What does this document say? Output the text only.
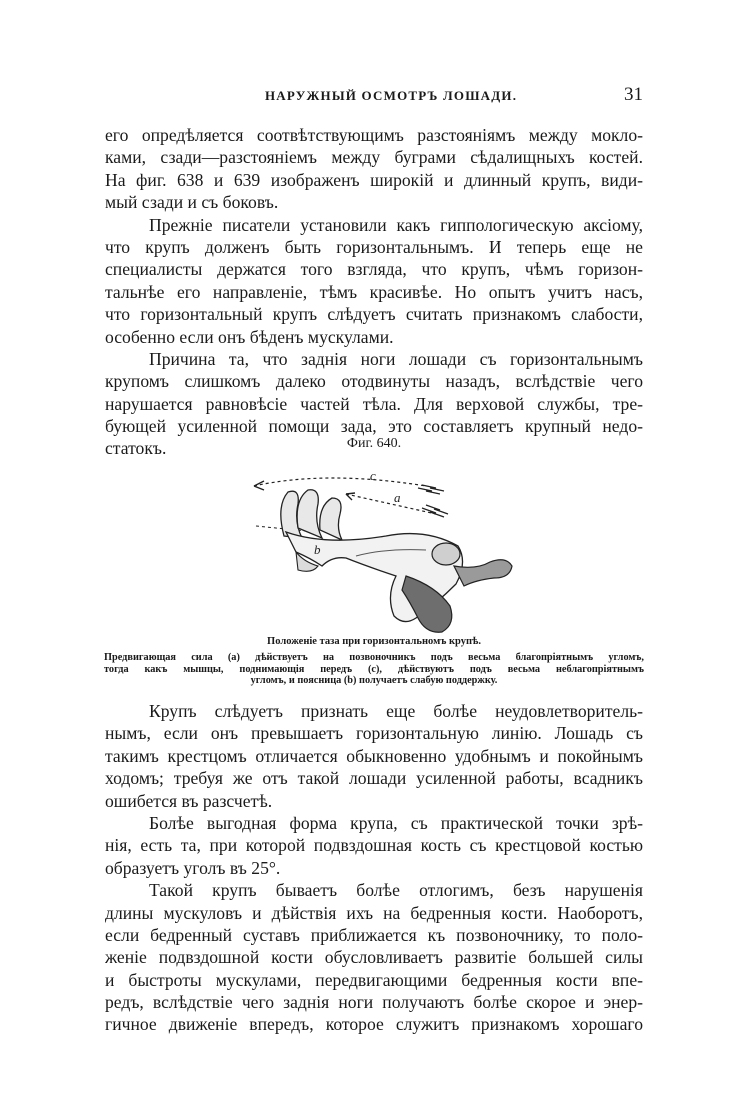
НАРУЖНЫЙ ОСМОТРЪ ЛОШАДИ.	31
его опредѣляется соотвѣтствующимъ разстояніямъ между мокло-
ками, сзади—разстояніемъ между буграми сѣдалищныхъ костей.
На фиг. 638 и 639 изображенъ широкій и длинный крупъ, види-
мый сзади и съ боковъ.
Прежніе писатели установили какъ гиппологическую аксіому,
что крупъ долженъ быть горизонтальнымъ. И теперь еще не
специалисты держатся того взгляда, что крупъ, чѣмъ горизон-
тальнѣе его направленіе, тѣмъ красивѣе. Но опытъ учитъ насъ,
что горизонтальный крупъ слѣдуетъ считать признакомъ слабости,
особенно если онъ бѣденъ мускулами.
Причина та, что заднія ноги лошади съ горизонтальнымъ
крупомъ слишкомъ далеко отодвинуты назадъ, вслѣдствіе чего
нарушается равновѣсіе частей тѣла. Для верховой службы, тре-
бующей усиленной помощи зада, это составляетъ крупный недо-
статокъ.	Фиг. 640.
c
a
b
Положеніе таза при горизонтальномъ крупѣ.
Предвигающая сила (a) дѣйствуетъ на позвоночникъ подъ весьма благопріятнымъ угломъ,
тогда какъ мышцы, поднимающія передъ (c), дѣйствуютъ подъ весьма неблагопріятнымъ
угломъ, и поясница (b) получаетъ слабую поддержку.
Крупъ слѣдуетъ признать еще болѣе неудовлетворитель-
нымъ, если онъ превышаетъ горизонтальную линію. Лошадь съ
такимъ крестцомъ отличается обыкновенно удобнымъ и покойнымъ
ходомъ; требуя же отъ такой лошади усиленной работы, всадникъ
ошибется въ разсчетѣ.
Болѣе выгодная форма крупа, съ практической точки зрѣ-
нія, есть та, при которой подвздошная кость съ крестцовой костью
образуетъ уголъ въ 25°.
Такой крупъ бываетъ болѣе отлогимъ, безъ нарушенія
длины мускуловъ и дѣйствія ихъ на бедренныя кости. Наоборотъ,
если бедренный суставъ приближается къ позвоночнику, то поло-
женіе подвздошной кости обусловливаетъ развитіе большей силы
и быстроты мускулами, передвигающими бедренныя кости впе-
редъ, вслѣдствіе чего заднія ноги получаютъ болѣе скорое и энер-
гичное движеніе впередъ, которое служитъ признакомъ хорошаго
